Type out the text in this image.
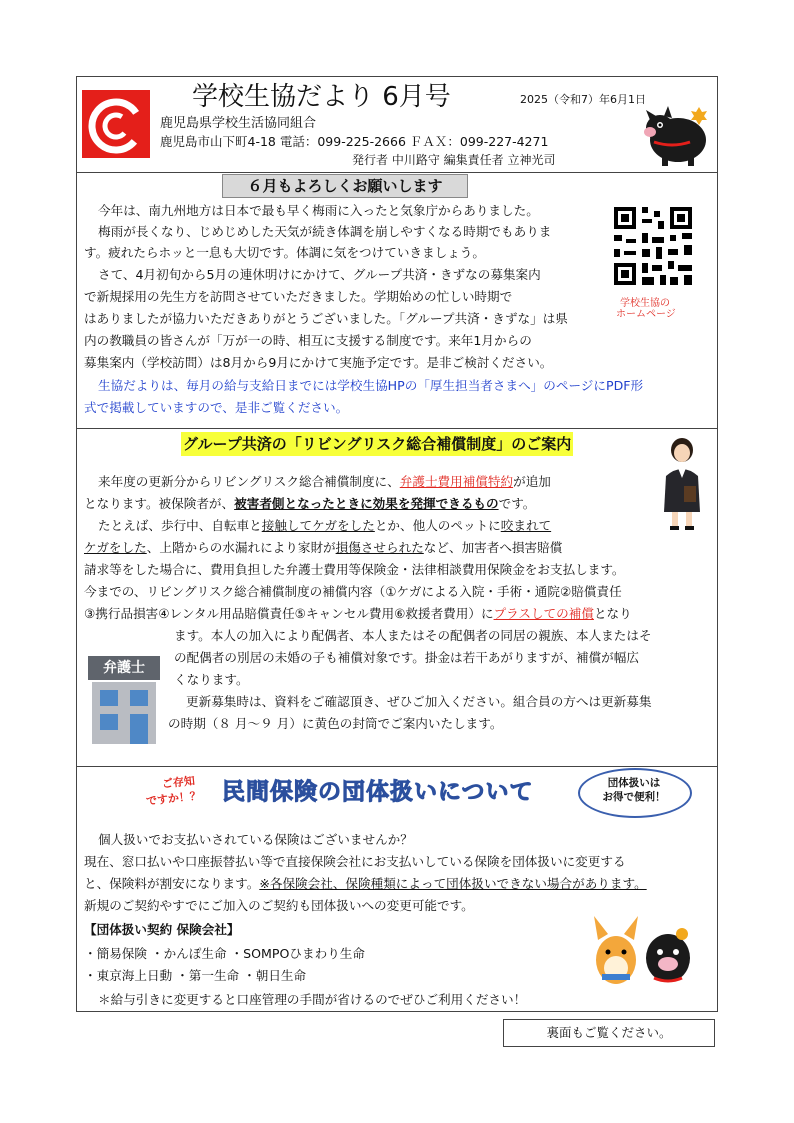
学校生協だより 6月号	2025（令和7）年6月1日
鹿児島県学校生活協同組合
鹿児島市山下町4-18 電話：099-225-2666 ＦＡＸ：099-227-4271
発行者 中川路守 編集責任者 立神光司
６月もよろしくお願いします
学校生協の
ホームページ
今年は、南九州地方は日本で最も早く梅雨に入ったと気象庁からありました。
梅雨が長くなり、じめじめした天気が続き体調を崩しやすくなる時期でもありま
す。疲れたらホッと一息も大切です。体調に気をつけていきましょう。
さて、4月初旬から5月の連休明けにかけて、グループ共済・きずなの募集案内
で新規採用の先生方を訪問させていただきました。学期始めの忙しい時期で
はありましたが協力いただきありがとうございました。「グループ共済・きずな」は県
内の教職員の皆さんが「万が一の時、相互に支援する制度です。来年1月からの
募集案内（学校訪問）は8月から9月にかけて実施予定です。是非ご検討ください。
生協だよりは、毎月の給与支給日までには学校生協HPの「厚生担当者さまへ」のページにPDF形
式で掲載していますので、是非ご覧ください。
グループ共済の「リビングリスク総合補償制度」のご案内
来年度の更新分からリビングリスク総合補償制度に、弁護士費用補償特約が追加
となります。被保険者が、被害者側となったときに効果を発揮できるものです。
たとえば、歩行中、自転車と接触してケガをしたとか、他人のペットに咬まれて
ケガをした、上階からの水漏れにより家財が損傷させられたなど、加害者へ損害賠償
請求等をした場合に、費用負担した弁護士費用等保険金・法律相談費用保険金をお支払します。
今までの、リビングリスク総合補償制度の補償内容（①ケガによる入院・手術・通院②賠償責任
③携行品損害④レンタル用品賠償責任⑤キャンセル費用⑥救援者費用）にプラスしての補償となり
弁護士
ます。本人の加入により配偶者、本人またはその配偶者の同居の親族、本人またはそ
の配偶者の別居の未婚の子も補償対象です。掛金は若干あがりますが、補償が幅広
くなります。
更新募集時は、資料をご確認頂き、ぜひご加入ください。組合員の方へは更新募集
の時期（８ 月～９ 月）に黄色の封筒でご案内いたします。
ご存知
ですか！？ 民間保険の団体扱いについて	団体扱いは
お得で便利！
個人扱いでお支払いされている保険はございませんか？
現在、窓口払いや口座振替払い等で直接保険会社にお支払いしている保険を団体扱いに変更する
と、保険料が割安になります。※各保険会社、保険種類によって団体扱いできない場合があります。
新規のご契約やすでにご加入のご契約も団体扱いへの変更可能です。
【団体扱い契約 保険会社】
・簡易保険 ・かんぽ生命 ・SOMPOひまわり生命
・東京海上日動 ・第一生命 ・朝日生命
＊給与引きに変更すると口座管理の手間が省けるのでぜひご利用ください！
裏面もご覧ください。
